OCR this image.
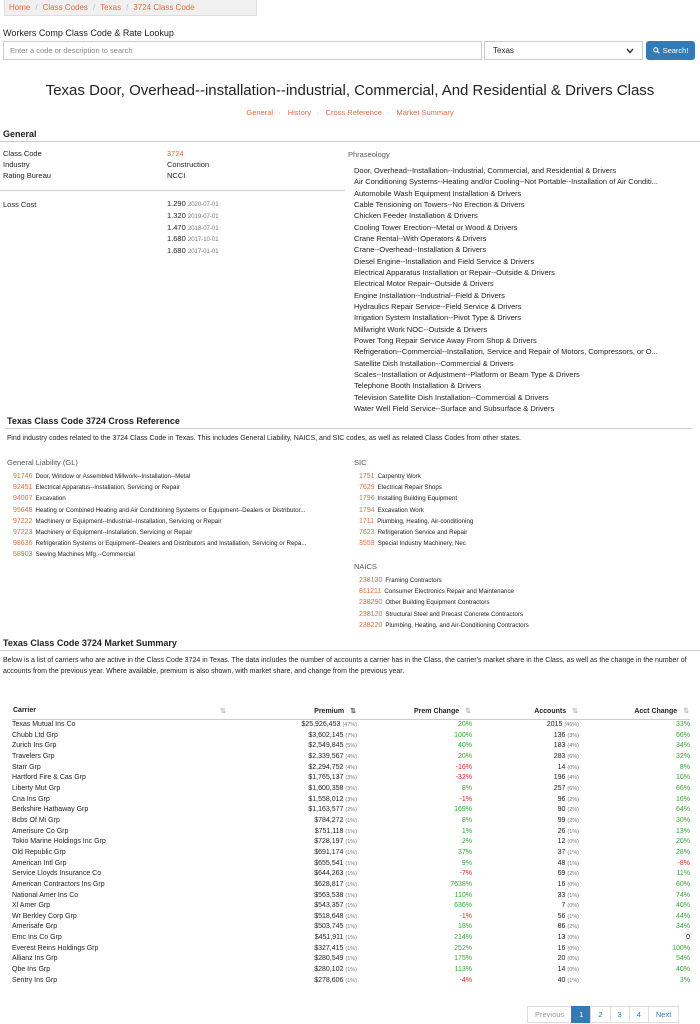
Home / Class Codes / Texas / 3724 Class Code
Workers Comp Class Code & Rate Lookup
Enter a code or description to search
Texas	Search!
Texas Door, Overhead--installation--industrial, Commercial, And Residential & Drivers Class
General · History · Cross Reference · Market Summary
General
Class Code	3724
Industry	Construction
Rating Bureau	NCCI
Loss Cost	1.290 2020-07-01
1.320 2019-07-01
1.470 2018-07-01
1.680 2017-10-01
1.680 2017-01-01
Phraseology
Door, Overhead--Installation--Industrial, Commercial, and Residential & Drivers
Air Conditioning Systems--Heating and/or Cooling--Not Portable--Installation of Air Conditi...
Automobile Wash Equipment Installation & Drivers
Cable Tensioning on Towers--No Erection & Drivers
Chicken Feeder Installation & Drivers
Cooling Tower Erection--Metal or Wood & Drivers
Crane Rental--With Operators & Drivers
Crane--Overhead--Installation & Drivers
Diesel Engine--Installation and Field Service & Drivers
Electrical Apparatus Installation or Repair--Outside & Drivers
Electrical Motor Repair--Outside & Drivers
Engine Installation--Industrial--Field & Drivers
Hydraulics Repair Service--Field Service & Drivers
Irrigation System Installation--Pivot Type & Drivers
Millwright Work NOC--Outside & Drivers
Power Tong Repair Service Away From Shop & Drivers
Refrigeration--Commercial--Installation, Service and Repair of Motors, Compressors, or O...
Satellite Dish Installation--Commercial & Drivers
Scales--Installation or Adjustment--Platform or Beam Type & Drivers
Telephone Booth Installation & Drivers
Television Satellite Dish Installation--Commercial & Drivers
Water Well Field Service--Surface and Subsurface & Drivers
Texas Class Code 3724 Cross Reference
Find industry codes related to the 3724 Class Code in Texas. This includes General Liability, NAICS, and SIC codes, as well as related Class Codes from other states.
General Liability (GL)
91746 Door, Window or Assembled Millwork--Installation--Metal
92451 Electrical Apparatus--Installation, Servicing or Repair
94007 Excavation
95648 Heating or Combined Heating and Air Conditioning Systems or Equipment--Dealers or Distributor...
97222 Machinery or Equipment--Industrial--Installation, Servicing or Repair
97223 Machinery or Equipment--Installation, Servicing or Repair
98636 Refrigeration Systems or Equipment--Dealers and Distributors and Installation, Servicing or Repa...
58903 Sewing Machines Mfg.--Commercial
SIC
1751 Carpentry Work
7629 Electrical Repair Shops
1796 Installing Building Equipment
1794 Excavation Work
1711 Plumbing, Heating, Air-conditioning
7623 Refrigeration Service and Repair
3559 Special Industry Machinery, Nec
NAICS
238130 Framing Contractors
811211 Consumer Electronics Repair and Maintenance
238290 Other Building Equipment Contractors
238120 Structural Steel and Precast Concrete Contractors
238220 Plumbing, Heating, and Air-Conditioning Contractors
Texas Class Code 3724 Market Summary
Below is a list of carriers who are active in the Class Code 3724 in Texas. The data includes the number of accounts a carrier has in the Class, the carrier's market share in the Class, as well as the change in the number of accounts from the previous year. Where available, premium is also shown, with market share, and change from the previous year.
Carrier ⇅	Premium ⇅	Prem Change ⇅	Accounts ⇅	Acct Change ⇅
Texas Mutual Ins Co	$25,926,453 (47%)	20%	2015 (46%)	33%
Chubb Ltd Grp	$3,602,145 (7%)	100%	136 (3%)	66%
Zurich Ins Grp	$2,549,845 (5%)	40%	183 (4%)	34%
Travelers Grp	$2,339,567 (4%)	20%	283 (6%)	32%
Starr Grp	$2,294,752 (4%)	-16%	14 (0%)	8%
Hartford Fire & Cas Grp	$1,765,137 (3%)	-32%	196 (4%)	10%
Liberty Mut Grp	$1,600,358 (3%)	8%	257 (6%)	66%
Cna Ins Grp	$1,558,012 (3%)	-1%	96 (2%)	16%
Berkshire Hathaway Grp	$1,163,577 (2%)	169%	90 (2%)	64%
Bcbs Of Mi Grp	$784,272 (1%)	8%	99 (2%)	30%
Amerisure Co Grp	$751,118 (1%)	1%	26 (1%)	13%
Tokio Marine Holdings Inc Grp	$728,197 (1%)	2%	12 (0%)	20%
Old Republic Grp	$691,174 (1%)	37%	37 (1%)	28%
American Intl Grp	$655,541 (1%)	9%	48 (1%)	-8%
Service Lloyds Insurance Co	$644,263 (1%)	-7%	69 (2%)	11%
American Contractors Ins Grp	$628,817 (1%)	7638%	16 (0%)	60%
National Amer Ins Co	$563,538 (1%)	110%	33 (1%)	74%
Xl Amer Grp	$543,357 (1%)	636%	7 (0%)	40%
Wr Berkley Corp Grp	$518,648 (1%)	-1%	56 (1%)	44%
Amerisafe Grp	$503,745 (1%)	18%	86 (2%)	34%
Emc Ins Co Grp	$451,911 (1%)	214%	13 (0%)	0
Everest Reins Holdings Grp	$327,415 (1%)	252%	16 (0%)	100%
Allianz Ins Grp	$280,549 (1%)	175%	20 (0%)	54%
Qbe Ins Grp	$280,102 (1%)	113%	14 (0%)	40%
Sentry Ins Grp	$278,606 (1%)	-4%	40 (1%)	3%
Previous	1	2	3	4	Next
